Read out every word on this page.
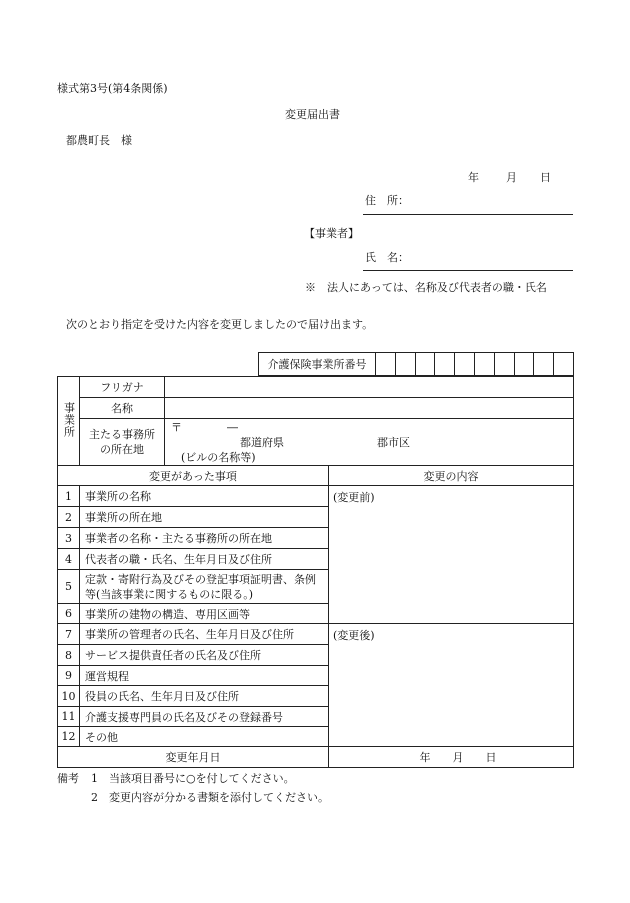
様式第3号(第4条関係)
変更届出書
都農町長　様
年 月 日
住　所：
【事業者】
氏　名：
※　法人にあっては、名称及び代表者の職・氏名
次のとおり指定を受けた内容を変更しましたので届け出ます。
介護保険事業所番号										
事業所	フリガナ	
	名称	
	主たる事務所の所在地	〒 ―
都道府県 郡市区
(ビルの名称等)
変更があった事項		変更の内容
1	事業所の名称	(変更前)
2	事業所の所在地	
3	事業者の名称・主たる事務所の所在地	
4	代表者の職・氏名、生年月日及び住所	
5	定款・寄附行為及びその登記事項証明書、条例等(当該事業に関するものに限る。)	
6	事業所の建物の構造、専用区画等	
7	事業所の管理者の氏名、生年月日及び住所	(変更後)
8	サービス提供責任者の氏名及び住所	
9	運営規程	
10	役員の氏名、生年月日及び住所	
11	介護支援専門員の氏名及びその登録番号	
12	その他	
変更年月日		年　　月　　日
備考 1 当該項目番号に○を付してください。
2 変更内容が分かる書類を添付してください。
